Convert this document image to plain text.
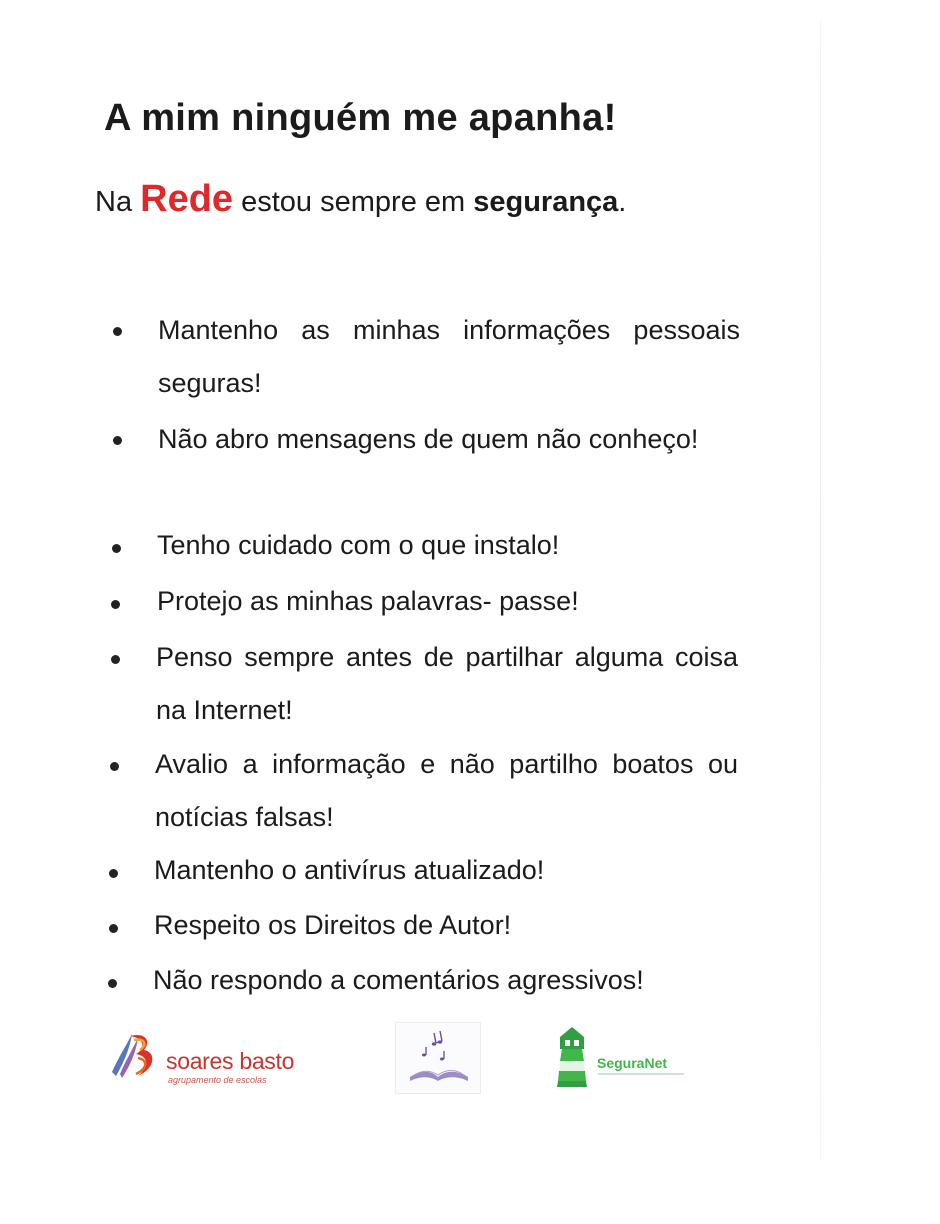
A mim ninguém me apanha!

Na Rede estou sempre em segurança.

Mantenho as minhas informações pessoais seguras!
Não abro mensagens de quem não conheço!
Tenho cuidado com o que instalo!
Protejo as minhas palavras- passe!
Penso sempre antes de partilhar alguma coisa na Internet!
Avalio a informação e não partilho boatos ou notícias falsas!
Mantenho o antivírus atualizado!
Respeito os Direitos de Autor!
Não respondo a comentários agressivos!
soares basto
agrupamento de escolas
SeguraNet
